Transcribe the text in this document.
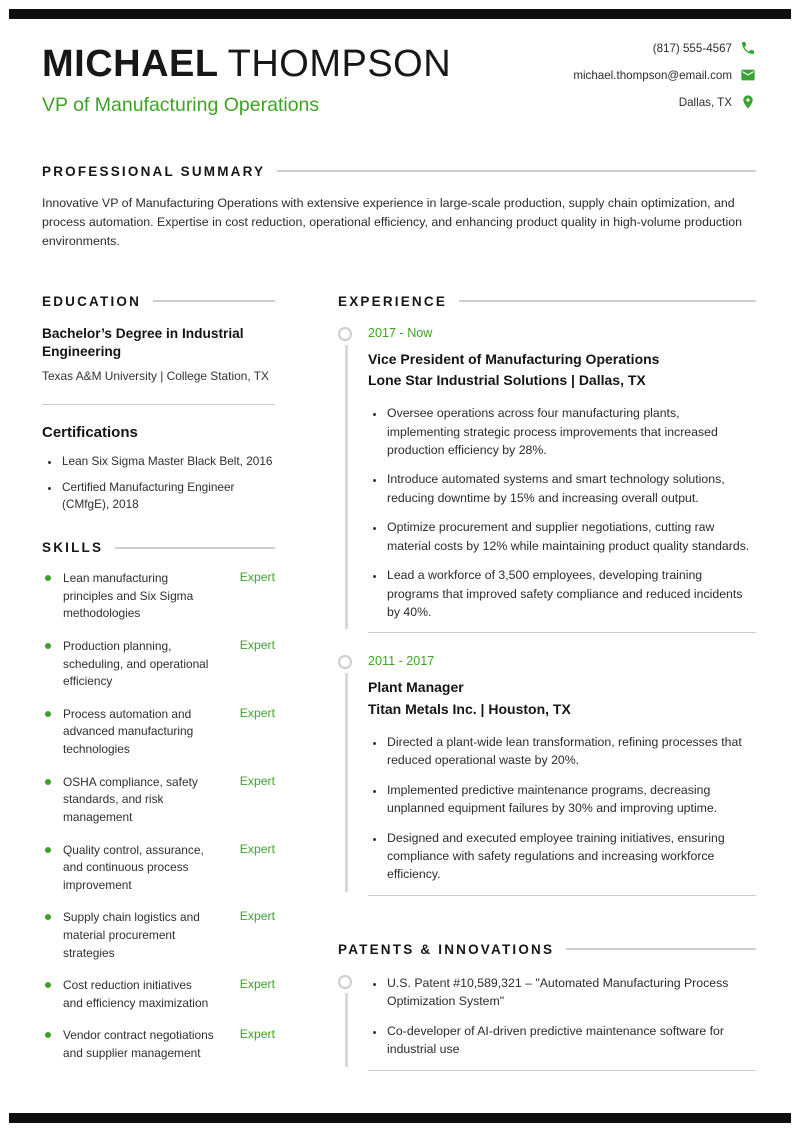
MICHAEL THOMPSON
VP of Manufacturing Operations
(817) 555-4567
michael.thompson@email.com
Dallas, TX
PROFESSIONAL SUMMARY

Innovative VP of Manufacturing Operations with extensive experience in large-scale production, supply chain optimization, and process automation. Expertise in cost reduction, operational efficiency, and enhancing product quality in high-volume production environments.

EDUCATION
Bachelor’s Degree in Industrial Engineering
Texas A&M University | College Station, TX
Certifications
• Lean Six Sigma Master Black Belt, 2016
• Certified Manufacturing Engineer (CMfgE), 2018
SKILLS
Lean manufacturing principles and Six Sigma methodologies
Expert
Production planning, scheduling, and operational efficiency
Expert
Process automation and advanced manufacturing technologies
Expert
OSHA compliance, safety standards, and risk management
Expert
Quality control, assurance, and continuous process improvement
Expert
Supply chain logistics and material procurement strategies
Expert
Cost reduction initiatives and efficiency maximization
Expert
Vendor contract negotiations and supplier management
Expert
EXPERIENCE
2017 - Now
Vice President of Manufacturing Operations
Lone Star Industrial Solutions | Dallas, TX
• Oversee operations across four manufacturing plants, implementing strategic process improvements that increased production efficiency by 28%.
• Introduce automated systems and smart technology solutions, reducing downtime by 15% and increasing overall output.
• Optimize procurement and supplier negotiations, cutting raw material costs by 12% while maintaining product quality standards.
• Lead a workforce of 3,500 employees, developing training programs that improved safety compliance and reduced incidents by 40%.
2011 - 2017
Plant Manager
Titan Metals Inc. | Houston, TX
• Directed a plant-wide lean transformation, refining processes that reduced operational waste by 20%.
• Implemented predictive maintenance programs, decreasing unplanned equipment failures by 30% and improving uptime.
• Designed and executed employee training initiatives, ensuring compliance with safety regulations and increasing workforce efficiency.
PATENTS & INNOVATIONS
• U.S. Patent #10,589,321 – "Automated Manufacturing Process Optimization System"
• Co-developer of AI-driven predictive maintenance software for industrial use
